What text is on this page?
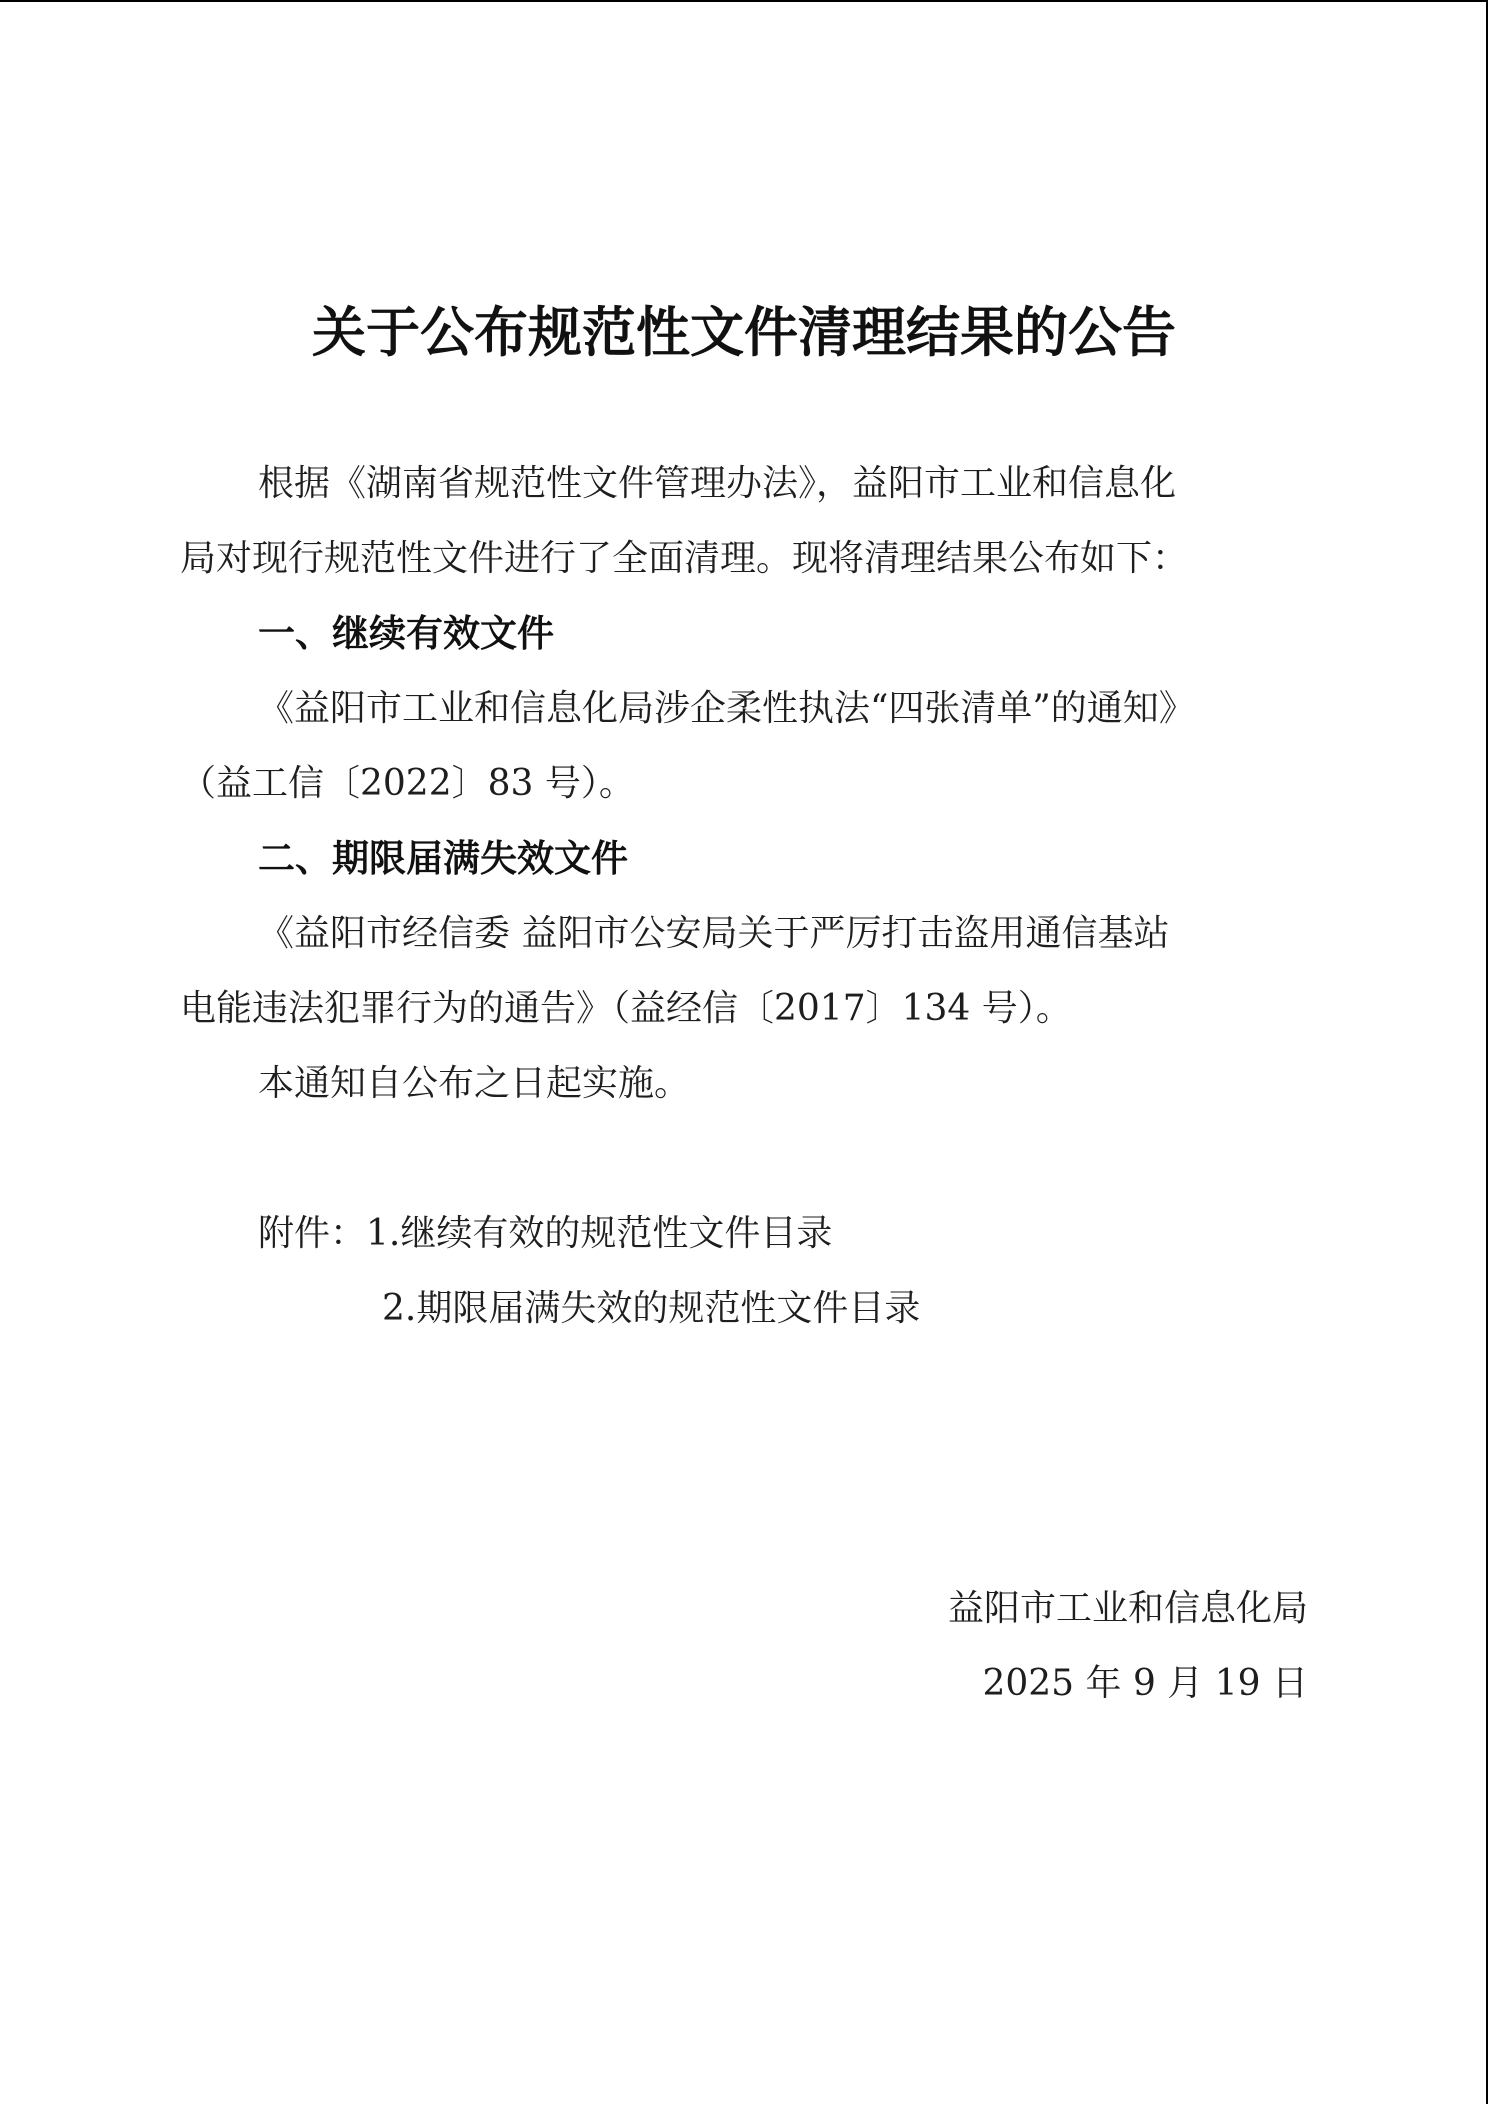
关于公布规范性文件清理结果的公告
根据《湖南省规范性文件管理办法》，益阳市工业和信息化
局对现行规范性文件进行了全面清理。现将清理结果公布如下：
一、继续有效文件
《益阳市工业和信息化局涉企柔性执法“四张清单”的通知》
（益工信〔2022〕83 号）。
二、期限届满失效文件
《益阳市经信委 益阳市公安局关于严厉打击盗用通信基站
电能违法犯罪行为的通告》（益经信〔2017〕134 号）。
本通知自公布之日起实施。
附件：1.继续有效的规范性文件目录
2.期限届满失效的规范性文件目录
益阳市工业和信息化局
2025 年 9 月 19 日
